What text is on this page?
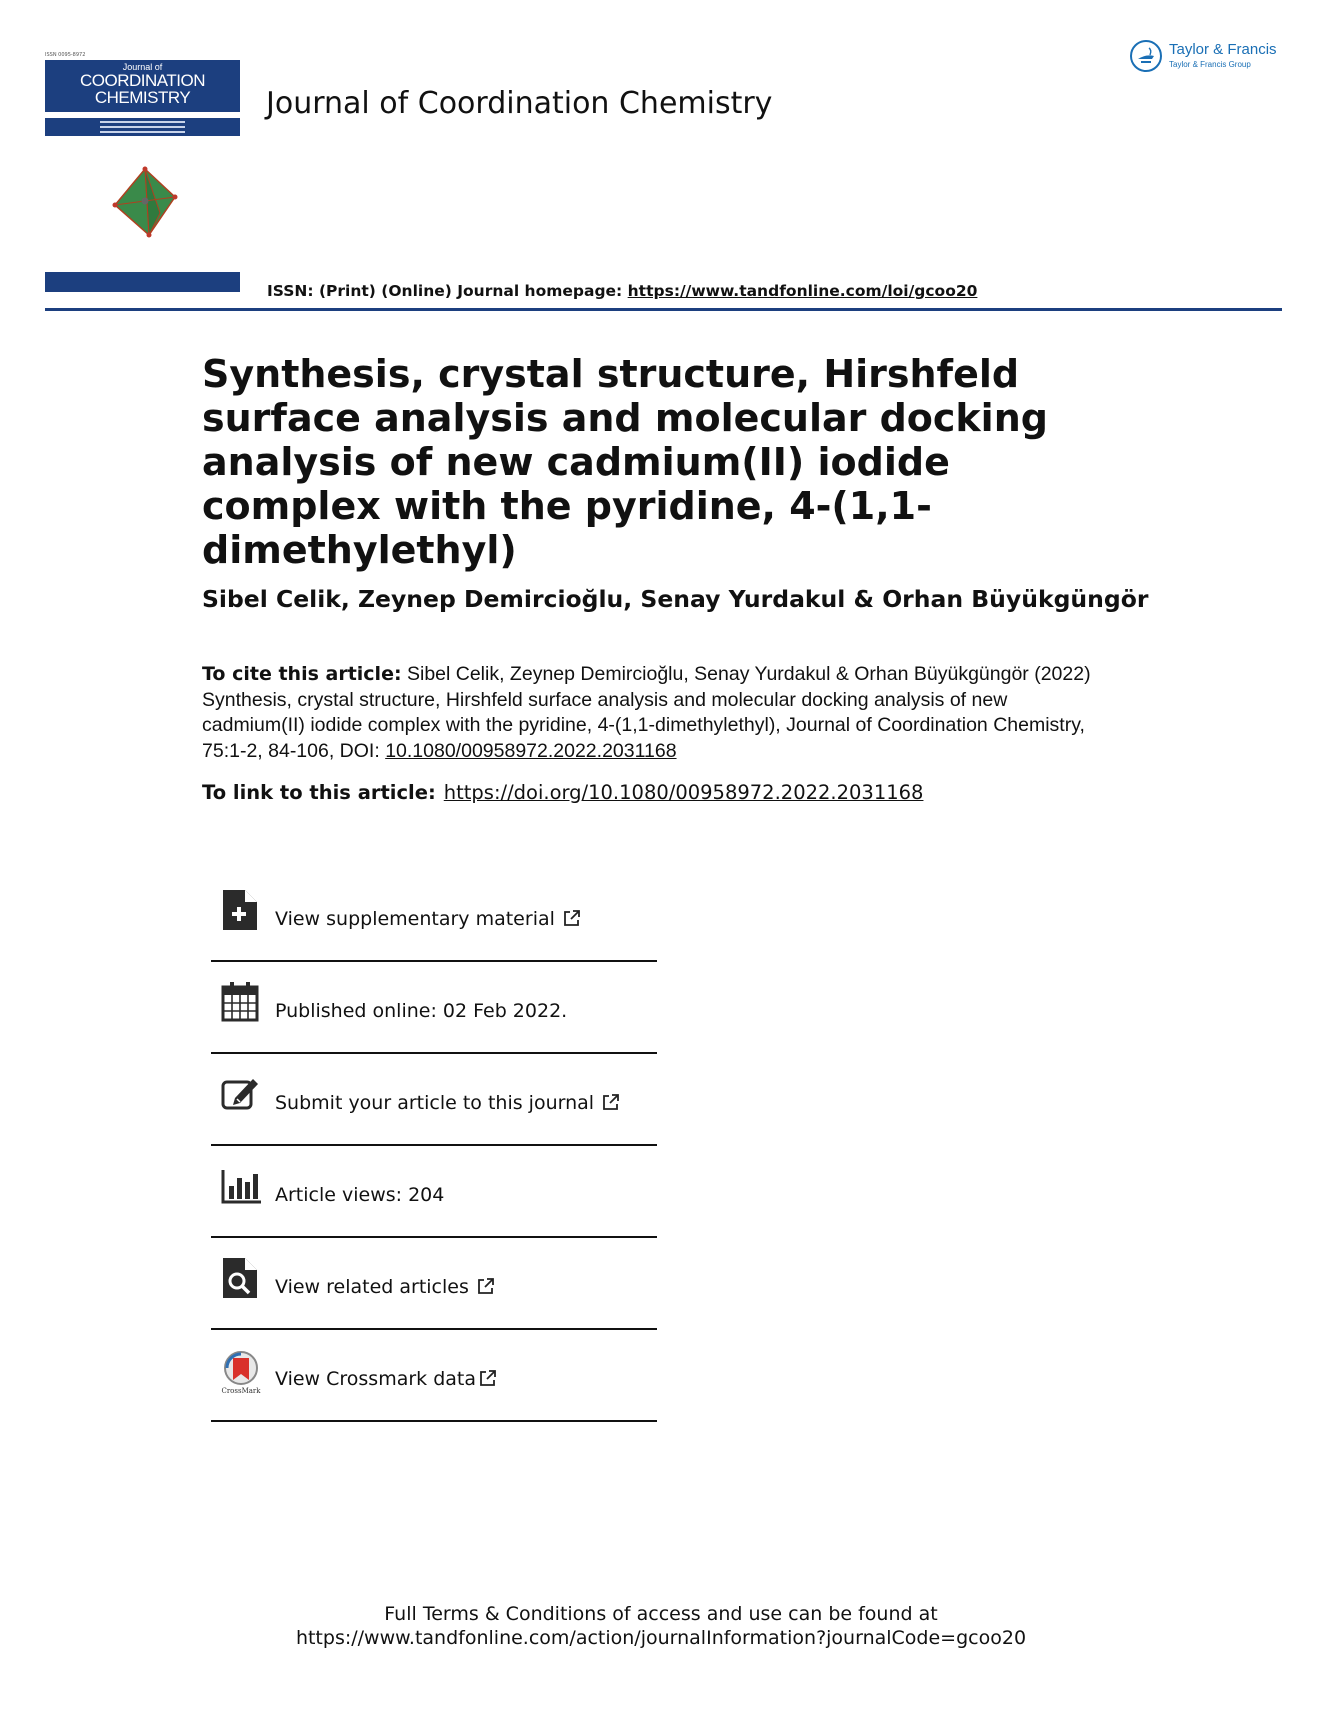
ISSN 0095-8972
Journal of
COORDINATION
CHEMISTRY	Journal of Coordination Chemistry
Taylor & Francis
Taylor & Francis Group
ISSN: (Print) (Online) Journal homepage: https://www.tandfonline.com/loi/gcoo20
Synthesis, crystal structure, Hirshfeld surface analysis and molecular docking analysis of new cadmium(II) iodide complex with the pyridine, 4-(1,1-dimethylethyl)
Sibel Celik, Zeynep Demircioğlu, Senay Yurdakul & Orhan Büyükgüngör
To cite this article: Sibel Celik, Zeynep Demircioğlu, Senay Yurdakul & Orhan Büyükgüngör (2022) Synthesis, crystal structure, Hirshfeld surface analysis and molecular docking analysis of new cadmium(II) iodide complex with the pyridine, 4-(1,1-dimethylethyl), Journal of Coordination Chemistry, 75:1-2, 84-106, DOI: 10.1080/00958972.2022.2031168
To link to this article: https://doi.org/10.1080/00958972.2022.2031168
View supplementary material
Published online: 02 Feb 2022.
Submit your article to this journal
Article views: 204
View related articles
CrossMark
View Crossmark data
Full Terms & Conditions of access and use can be found at
https://www.tandfonline.com/action/journalInformation?journalCode=gcoo20
